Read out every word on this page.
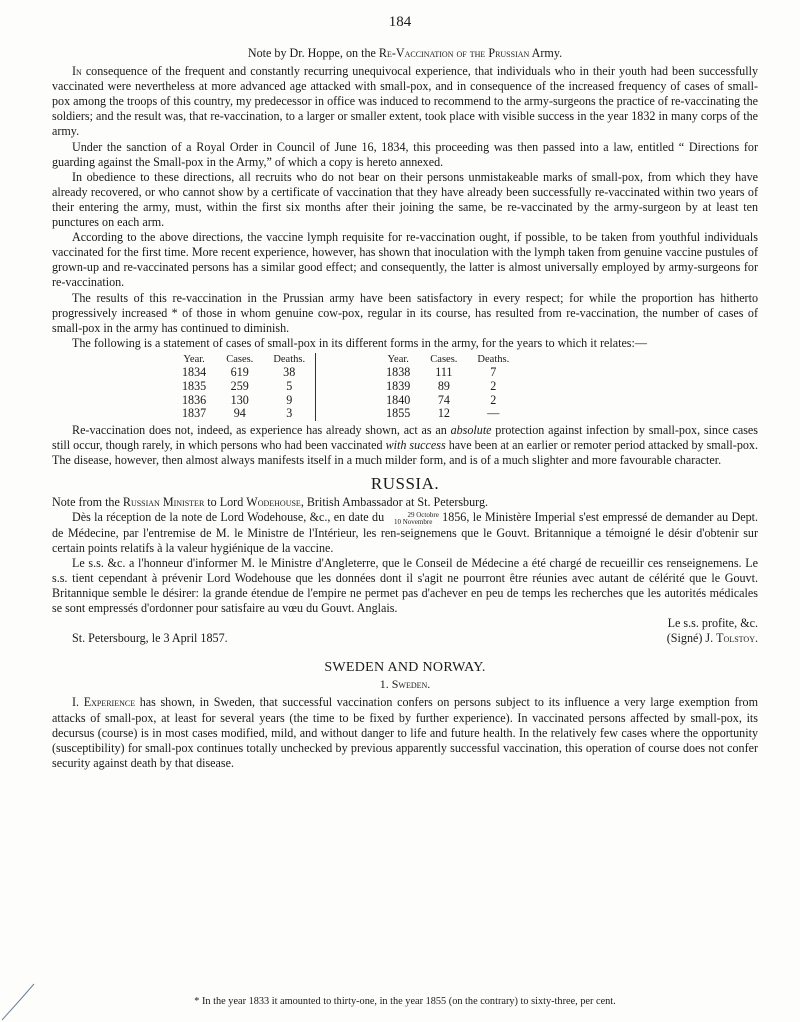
184

Note by Dr. Hoppe, on the Re-Vaccination of the Prussian Army.

In consequence of the frequent and constantly recurring unequivocal experience, that individuals who in their youth had been successfully vaccinated were nevertheless at more advanced age attacked with small-pox, and in consequence of the increased frequency of cases of small-pox among the troops of this country, my predecessor in office was induced to recommend to the army-surgeons the practice of re-vaccinating the soldiers; and the result was, that re-vaccination, to a larger or smaller extent, took place with visible success in the year 1832 in many corps of the army.

Under the sanction of a Royal Order in Council of June 16, 1834, this proceeding was then passed into a law, entitled “ Directions for guarding against the Small-pox in the Army,” of which a copy is hereto annexed.

In obedience to these directions, all recruits who do not bear on their persons unmistakeable marks of small-pox, from which they have already recovered, or who cannot show by a certificate of vaccination that they have already been successfully re-vaccinated within two years of their entering the army, must, within the first six months after their joining the same, be re-vaccinated by the army-surgeon by at least ten punctures on each arm.

According to the above directions, the vaccine lymph requisite for re-vaccination ought, if possible, to be taken from youthful individuals vaccinated for the first time. More recent experience, however, has shown that inoculation with the lymph taken from genuine vaccine pustules of grown-up and re-vaccinated persons has a similar good effect; and consequently, the latter is almost universally employed by army-surgeons for re-vaccination.

The results of this re-vaccination in the Prussian army have been satisfactory in every respect; for while the proportion has hitherto progressively increased * of those in whom genuine cow-pox, regular in its course, has resulted from re-vaccination, the number of cases of small-pox in the army has continued to diminish.

The following is a statement of cases of small-pox in its different forms in the army, for the years to which it relates:—

Year.	Cases.	Deaths.		Year.	Cases.	Deaths.
1834	619	38		1838	111	7
1835	259	5		1839	89	2
1836	130	9		1840	74	2
1837	94	3		1855	12	—

Re-vaccination does not, indeed, as experience has already shown, act as an absolute protection against infection by small-pox, since cases still occur, though rarely, in which persons who had been vaccinated with success have been at an earlier or remoter period attacked by small-pox. The disease, however, then almost always manifests itself in a much milder form, and is of a much slighter and more favourable character.

RUSSIA.

Note from the Russian Minister to Lord Wodehouse, British Ambassador at St. Petersburg.

Dès la réception de la note de Lord Wodehouse, &c., en date du	29 Octobre
10 Novembre 1856, le Ministère Imperial s'est empressé de demander au Dept. de Médecine, par l'entremise de M. le Ministre de l'Intérieur, les ren-seignemens que le Gouvt. Britannique a témoigné le désir d'obtenir sur certain points relatifs à la valeur hygiénique de la vaccine.

Le s.s. &c. a l'honneur d'informer M. le Ministre d'Angleterre, que le Conseil de Médecine a été chargé de recueillir ces renseignemens. Le s.s. tient cependant à prévenir Lord Wodehouse que les données dont il s'agit ne pourront être réunies avec autant de célérité que le Gouvt. Britannique semble le désirer: la grande étendue de l'empire ne permet pas d'achever en peu de temps les recherches que les autorités médicales se sont empressés d'ordonner pour satisfaire au vœu du Gouvt. Anglais.

Le s.s. profite, &c.
St. Petersbourg, le 3 April 1857.	(Signé) J. Tolstoy.
SWEDEN AND NORWAY.
1. Sweden.

I. Experience has shown, in Sweden, that successful vaccination confers on persons subject to its influence a very large exemption from attacks of small-pox, at least for several years (the time to be fixed by further experience). In vaccinated persons affected by small-pox, its decursus (course) is in most cases modified, mild, and without danger to life and future health. In the relatively few cases where the opportunity (susceptibility) for small-pox continues totally unchecked by previous apparently successful vaccination, this operation of course does not confer security against death by that disease.

* In the year 1833 it amounted to thirty-one, in the year 1855 (on the contrary) to sixty-three, per cent.
